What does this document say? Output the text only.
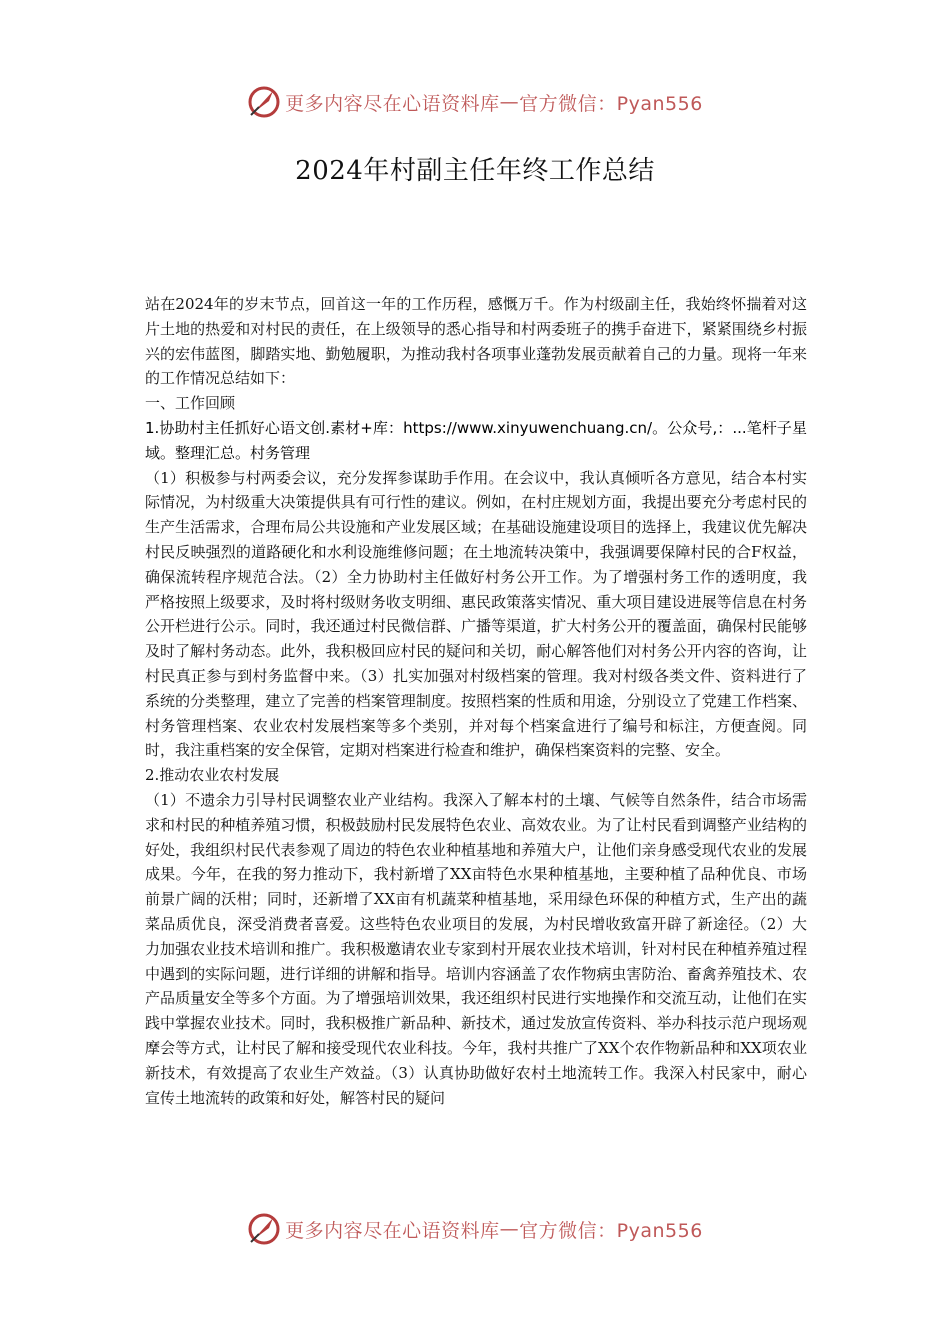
更多内容尽在心语资料库 — 官方微信：Pyan556
2024年村副主任年终工作总结

站在2024年的岁末节点，回首这一年的工作历程，感慨万千。作为村级副主任，我始终怀揣着对这片土地的热爱和对村民的责任，在上级领导的悉心指导和村两委班子的携手奋进下，紧紧围绕乡村振兴的宏伟蓝图，脚踏实地、勤勉履职，为推动我村各项事业蓬勃发展贡献着自己的力量。现将一年来的工作情况总结如下：

一、工作回顾

1.协助村主任抓好心语文创.素材+库：https://www.xinyuwenchuang.cn/。公众号,：...笔杆子星域。整理汇总。村务管理

（1）积极参与村两委会议，充分发挥参谋助手作用。在会议中，我认真倾听各方意见，结合本村实际情况，为村级重大决策提供具有可行性的建议。例如，在村庄规划方面，我提出要充分考虑村民的生产生活需求，合理布局公共设施和产业发展区域；在基础设施建设项目的选择上，我建议优先解决村民反映强烈的道路硬化和水利设施维修问题；在土地流转决策中，我强调要保障村民的合F权益，确保流转程序规范合法。（2）全力协助村主任做好村务公开工作。为了增强村务工作的透明度，我严格按照上级要求，及时将村级财务收支明细、惠民政策落实情况、重大项目建设进展等信息在村务公开栏进行公示。同时，我还通过村民微信群、广播等渠道，扩大村务公开的覆盖面，确保村民能够及时了解村务动态。此外，我积极回应村民的疑问和关切，耐心解答他们对村务公开内容的咨询，让村民真正参与到村务监督中来。（3）扎实加强对村级档案的管理。我对村级各类文件、资料进行了系统的分类整理，建立了完善的档案管理制度。按照档案的性质和用途，分别设立了党建工作档案、村务管理档案、农业农村发展档案等多个类别，并对每个档案盒进行了编号和标注，方便查阅。同时，我注重档案的安全保管，定期对档案进行检查和维护，确保档案资料的完整、安全。

2.推动农业农村发展

（1）不遗余力引导村民调整农业产业结构。我深入了解本村的土壤、气候等自然条件，结合市场需求和村民的种植养殖习惯，积极鼓励村民发展特色农业、高效农业。为了让村民看到调整产业结构的好处，我组织村民代表参观了周边的特色农业种植基地和养殖大户，让他们亲身感受现代农业的发展成果。今年，在我的努力推动下，我村新增了XX亩特色水果种植基地，主要种植了品种优良、市场前景广阔的沃柑；同时，还新增了XX亩有机蔬菜种植基地，采用绿色环保的种植方式，生产出的蔬菜品质优良，深受消费者喜爱。这些特色农业项目的发展，为村民增收致富开辟了新途径。（2）大力加强农业技术培训和推广。我积极邀请农业专家到村开展农业技术培训，针对村民在种植养殖过程中遇到的实际问题，进行详细的讲解和指导。培训内容涵盖了农作物病虫害防治、畜禽养殖技术、农产品质量安全等多个方面。为了增强培训效果，我还组织村民进行实地操作和交流互动，让他们在实践中掌握农业技术。同时，我积极推广新品种、新技术，通过发放宣传资料、举办科技示范户现场观摩会等方式，让村民了解和接受现代农业科技。今年，我村共推广了XX个农作物新品种和XX项农业新技术，有效提高了农业生产效益。（3）认真协助做好农村土地流转工作。我深入村民家中，耐心宣传土地流转的政策和好处，解答村民的疑问

更多内容尽在心语资料库 — 官方微信：Pyan556
